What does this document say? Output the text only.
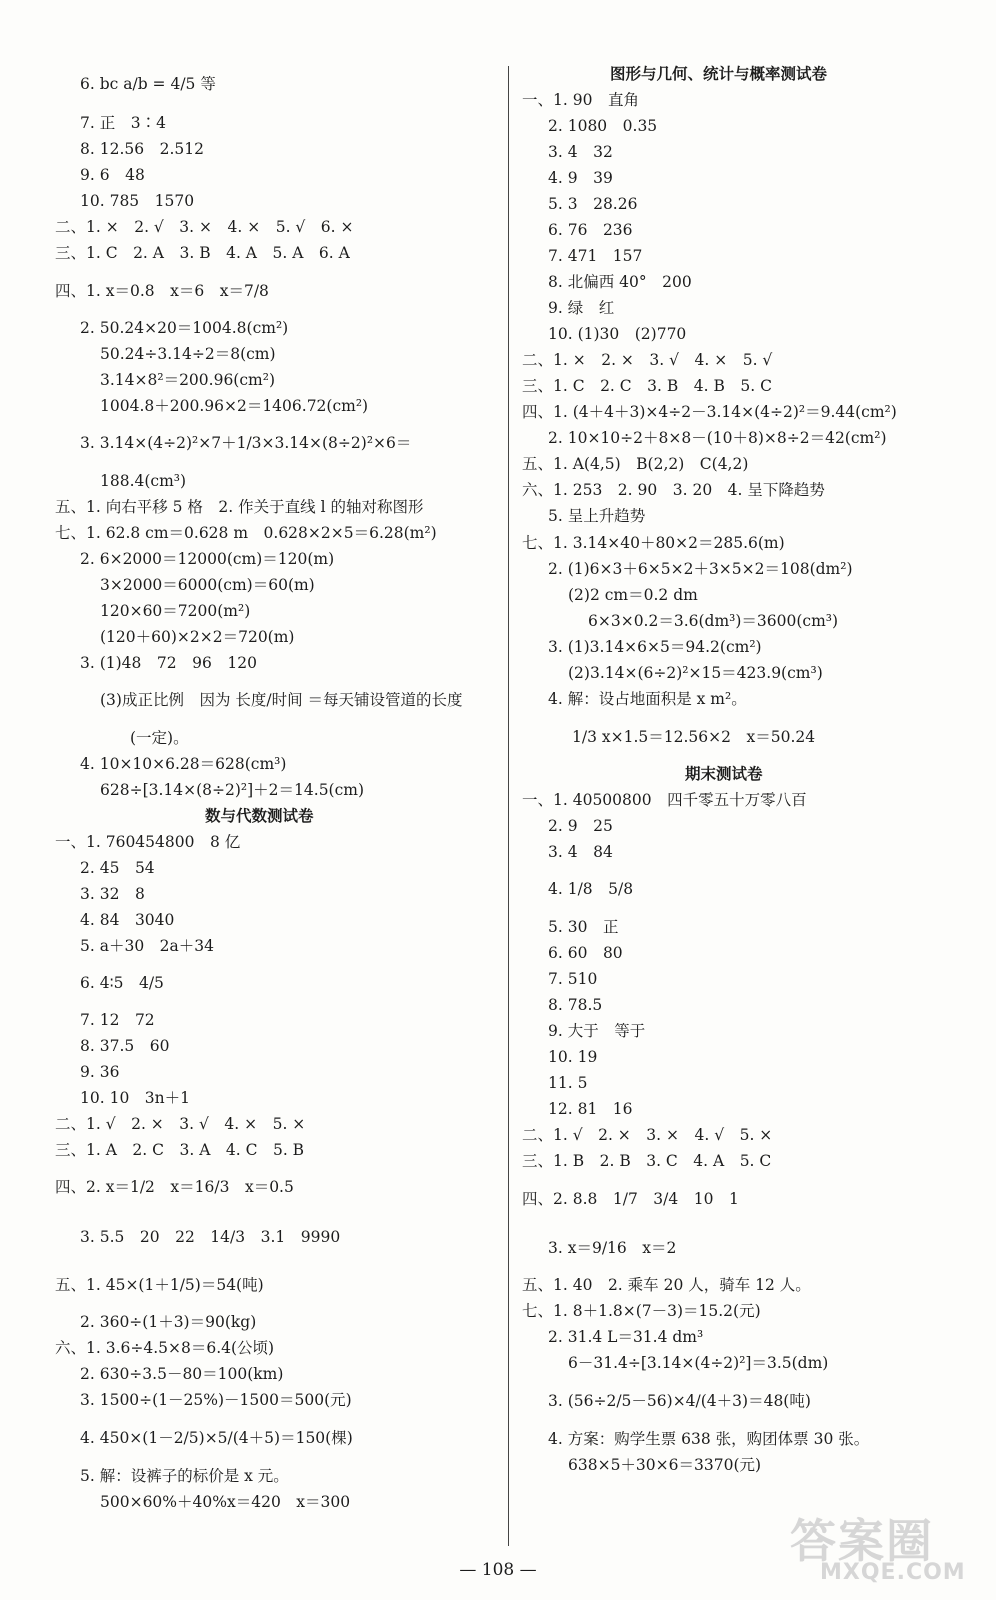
6. bc a/b = 4/5 等
7. 正　3∶4
8. 12.56　2.512
9. 6　48
10. 785　1570
二、1. ×　2. √　3. ×　4. ×　5. √　6. ×
三、1. C　2. A　3. B　4. A　5. A　6. A
四、1. x＝0.8　x＝6　x＝7/8
2. 50.24×20＝1004.8(cm²)
50.24÷3.14÷2＝8(cm)
3.14×8²＝200.96(cm²)
1004.8＋200.96×2＝1406.72(cm²)
3. 3.14×(4÷2)²×7＋1/3×3.14×(8÷2)²×6＝
188.4(cm³)
五、1. 向右平移 5 格　2. 作关于直线 l 的轴对称图形
七、1. 62.8 cm＝0.628 m　0.628×2×5＝6.28(m²)
2. 6×2000＝12000(cm)＝120(m)
3×2000＝6000(cm)＝60(m)
120×60＝7200(m²)
(120＋60)×2×2＝720(m)
3. (1)48　72　96　120
(3)成正比例　因为 长度/时间 ＝每天铺设管道的长度
(一定)。
4. 10×10×6.28＝628(cm³)
628÷[3.14×(8÷2)²]＋2＝14.5(cm)
数与代数测试卷
一、1. 760454800　8 亿
2. 45　54
3. 32　8
4. 84　3040
5. a＋30　2a＋34
6. 4∶5　4/5
7. 12　72
8. 37.5　60
9. 36
10. 10　3n＋1
二、1. √　2. ×　3. √　4. ×　5. ×
三、1. A　2. C　3. A　4. C　5. B
四、2. x＝1/2　x＝16/3　x＝0.5
3. 5.5　20　22　14/3　3.1　9990
五、1. 45×(1＋1/5)＝54(吨)
2. 360÷(1＋3)＝90(kg)
六、1. 3.6÷4.5×8＝6.4(公顷)
2. 630÷3.5－80＝100(km)
3. 1500÷(1－25%)－1500＝500(元)
4. 450×(1－2/5)×5/(4＋5)＝150(棵)
5. 解：设裤子的标价是 x 元。
500×60%＋40%x＝420　x＝300
图形与几何、统计与概率测试卷
一、1. 90　直角
2. 1080　0.35
3. 4　32
4. 9　39
5. 3　28.26
6. 76　236
7. 471　157
8. 北偏西 40°　200
9. 绿　红
10. (1)30　(2)770
二、1. ×　2. ×　3. √　4. ×　5. √
三、1. C　2. C　3. B　4. B　5. C
四、1. (4＋4＋3)×4÷2－3.14×(4÷2)²＝9.44(cm²)
2. 10×10÷2＋8×8－(10＋8)×8÷2＝42(cm²)
五、1. A(4,5)　B(2,2)　C(4,2)
六、1. 253　2. 90　3. 20　4. 呈下降趋势
5. 呈上升趋势
七、1. 3.14×40＋80×2＝285.6(m)
2. (1)6×3＋6×5×2＋3×5×2＝108(dm²)
(2)2 cm＝0.2 dm
6×3×0.2＝3.6(dm³)＝3600(cm³)
3. (1)3.14×6×5＝94.2(cm²)
(2)3.14×(6÷2)²×15＝423.9(cm³)
4. 解：设占地面积是 x m²。
1/3 x×1.5＝12.56×2　x＝50.24
期末测试卷
一、1. 40500800　四千零五十万零八百
2. 9　25
3. 4　84
4. 1/8　5/8
5. 30　正
6. 60　80
7. 510
8. 78.5
9. 大于　等于
10. 19
11. 5
12. 81　16
二、1. √　2. ×　3. ×　4. √　5. ×
三、1. B　2. B　3. C　4. A　5. C
四、2. 8.8　1/7　3/4　10　1
3. x＝9/16　x＝2
五、1. 40　2. 乘车 20 人，骑车 12 人。
七、1. 8＋1.8×(7－3)＝15.2(元)
2. 31.4 L＝31.4 dm³
6－31.4÷[3.14×(4÷2)²]＝3.5(dm)
3. (56÷2/5－56)×4/(4＋3)＝48(吨)
4. 方案：购学生票 638 张，购团体票 30 张。
638×5＋30×6＝3370(元)
— 108 —
答案圈
MXQE.COM
